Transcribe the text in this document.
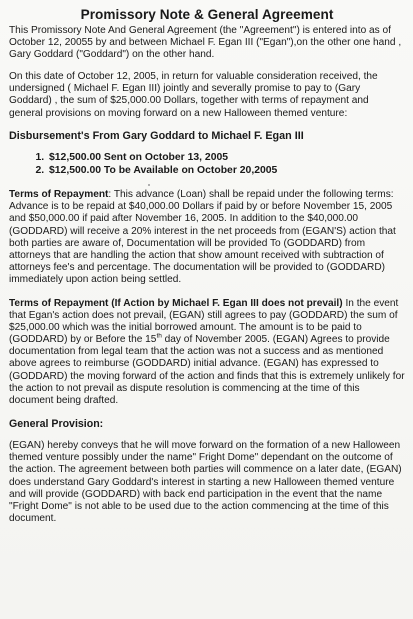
Promissory Note & General Agreement

This Promissory Note And General Agreement (the "Agreement") is entered into as of October 12, 20055 by and between Michael F. Egan III ("Egan"),on the other one hand , Gary Goddard ("Goddard") on the other hand.

On this date of October 12, 2005, in return for valuable consideration received, the undersigned ( Michael F. Egan III) jointly and severally promise to pay to (Gary Goddard) , the sum of $25,000.00 Dollars, together with terms of repayment and general provisions on moving forward on a new Halloween themed venture:

Disbursement's From Gary Goddard to Michael F. Egan III
1. $12,500.00 Sent on October 13, 2005
2. $12,500.00 To be Available on October 20,2005

Terms of Repayment: This advance (Loan) shall be repaid under the following terms: Advance is to be repaid at $40,000.00 Dollars if paid by or before November 15, 2005 and $50,000.00 if paid after November 16, 2005. In addition to the $40,000.00 (GODDARD) will receive a 20% interest in the net proceeds from (EGAN'S) action that both parties are aware of, Documentation will be provided To (GODDARD) from attorneys that are handling the action that show amount received with subtraction of attorneys fee's and percentage. The documentation will be provided to (GODDARD) immediately upon action being settled.

Terms of Repayment (If Action by Michael F. Egan III does not prevail) In the event that Egan's action does not prevail, (EGAN) still agrees to pay (GODDARD) the sum of $25,000.00 which was the initial borrowed amount. The amount is to be paid to (GODDARD) by or Before the 15th day of November 2005. (EGAN) Agrees to provide documentation from legal team that the action was not a success and as mentioned above agrees to reimburse (GODDARD) initial advance. (EGAN) has expressed to (GODDARD) the moving forward of the action and finds that this is extremely unlikely for the action to not prevail as dispute resolution is commencing at the time of this document being drafted.

General Provision:

(EGAN) hereby conveys that he will move forward on the formation of a new Halloween themed venture possibly under the name" Fright Dome" dependant on the outcome of the action. The agreement between both parties will commence on a later date, (EGAN) does understand Gary Goddard's interest in starting a new Halloween themed venture and will provide (GODDARD) with back end participation in the event that the name "Fright Dome" is not able to be used due to the action commencing at the time of this document.
